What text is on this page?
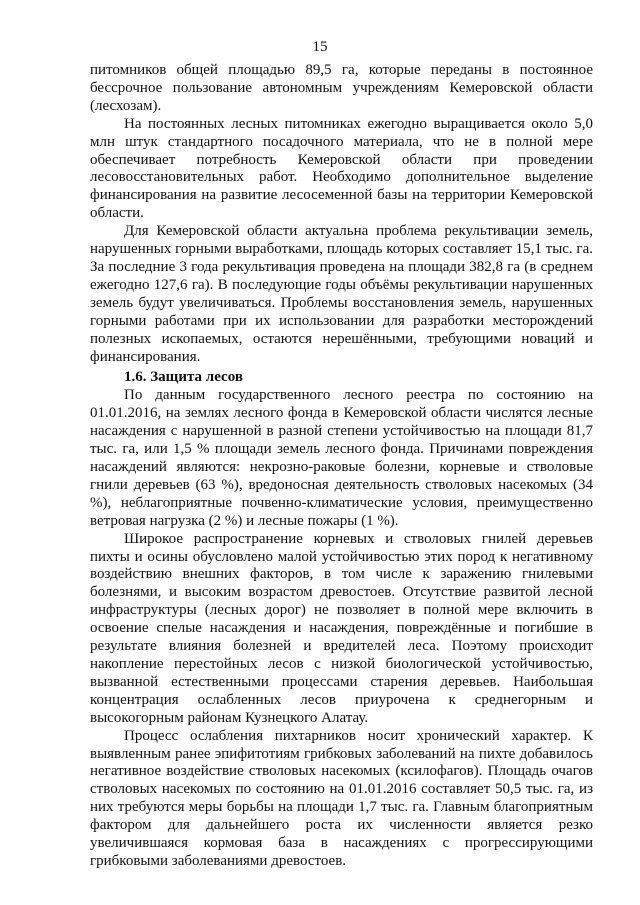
15

питомников общей площадью 89,5 га, которые переданы в постоянное бессрочное пользование автономным учреждениям Кемеровской области (лесхозам).

На постоянных лесных питомниках ежегодно выращивается около 5,0 млн штук стандартного посадочного материала, что не в полной мере обеспечивает потребность Кемеровской области при проведении лесовосстановительных работ. Необходимо дополнительное выделение финансирования на развитие лесосеменной базы на территории Кемеровской области.

Для Кемеровской области актуальна проблема рекультивации земель, нарушенных горными выработками, площадь которых составляет 15,1 тыс. га. За последние 3 года рекультивация проведена на площади 382,8 га (в среднем ежегодно 127,6 га). В последующие годы объёмы рекультивации нарушенных земель будут увеличиваться. Проблемы восстановления земель, нарушенных горными работами при их использовании для разработки месторождений полезных ископаемых, остаются нерешёнными, требующими новаций и финансирования.

1.6. Защита лесов

По данным государственного лесного реестра по состоянию на 01.01.2016, на землях лесного фонда в Кемеровской области числятся лесные насаждения с нарушенной в разной степени устойчивостью на площади 81,7 тыс. га, или 1,5 % площади земель лесного фонда. Причинами повреждения насаждений являются: некрозно-раковые болезни, корневые и стволовые гнили деревьев (63 %), вредоносная деятельность стволовых насекомых (34 %), неблагоприятные почвенно-климатические условия, преимущественно ветровая нагрузка (2 %) и лесные пожары (1 %).

Широкое распространение корневых и стволовых гнилей деревьев пихты и осины обусловлено малой устойчивостью этих пород к негативному воздействию внешних факторов, в том числе к заражению гнилевыми болезнями, и высоким возрастом древостоев. Отсутствие развитой лесной инфраструктуры (лесных дорог) не позволяет в полной мере включить в освоение спелые насаждения и насаждения, повреждённые и погибшие в результате влияния болезней и вредителей леса. Поэтому происходит накопление перестойных лесов с низкой биологической устойчивостью, вызванной естественными процессами старения деревьев. Наибольшая концентрация ослабленных лесов приурочена к среднегорным и высокогорным районам Кузнецкого Алатау.

Процесс ослабления пихтарников носит хронический характер. К выявленным ранее эпифитотиям грибковых заболеваний на пихте добавилось негативное воздействие стволовых насекомых (ксилофагов). Площадь очагов стволовых насекомых по состоянию на 01.01.2016 составляет 50,5 тыс. га, из них требуются меры борьбы на площади 1,7 тыс. га. Главным благоприятным фактором для дальнейшего роста их численности является резко увеличившаяся кормовая база в насаждениях с прогрессирующими грибковыми заболеваниями древостоев.
